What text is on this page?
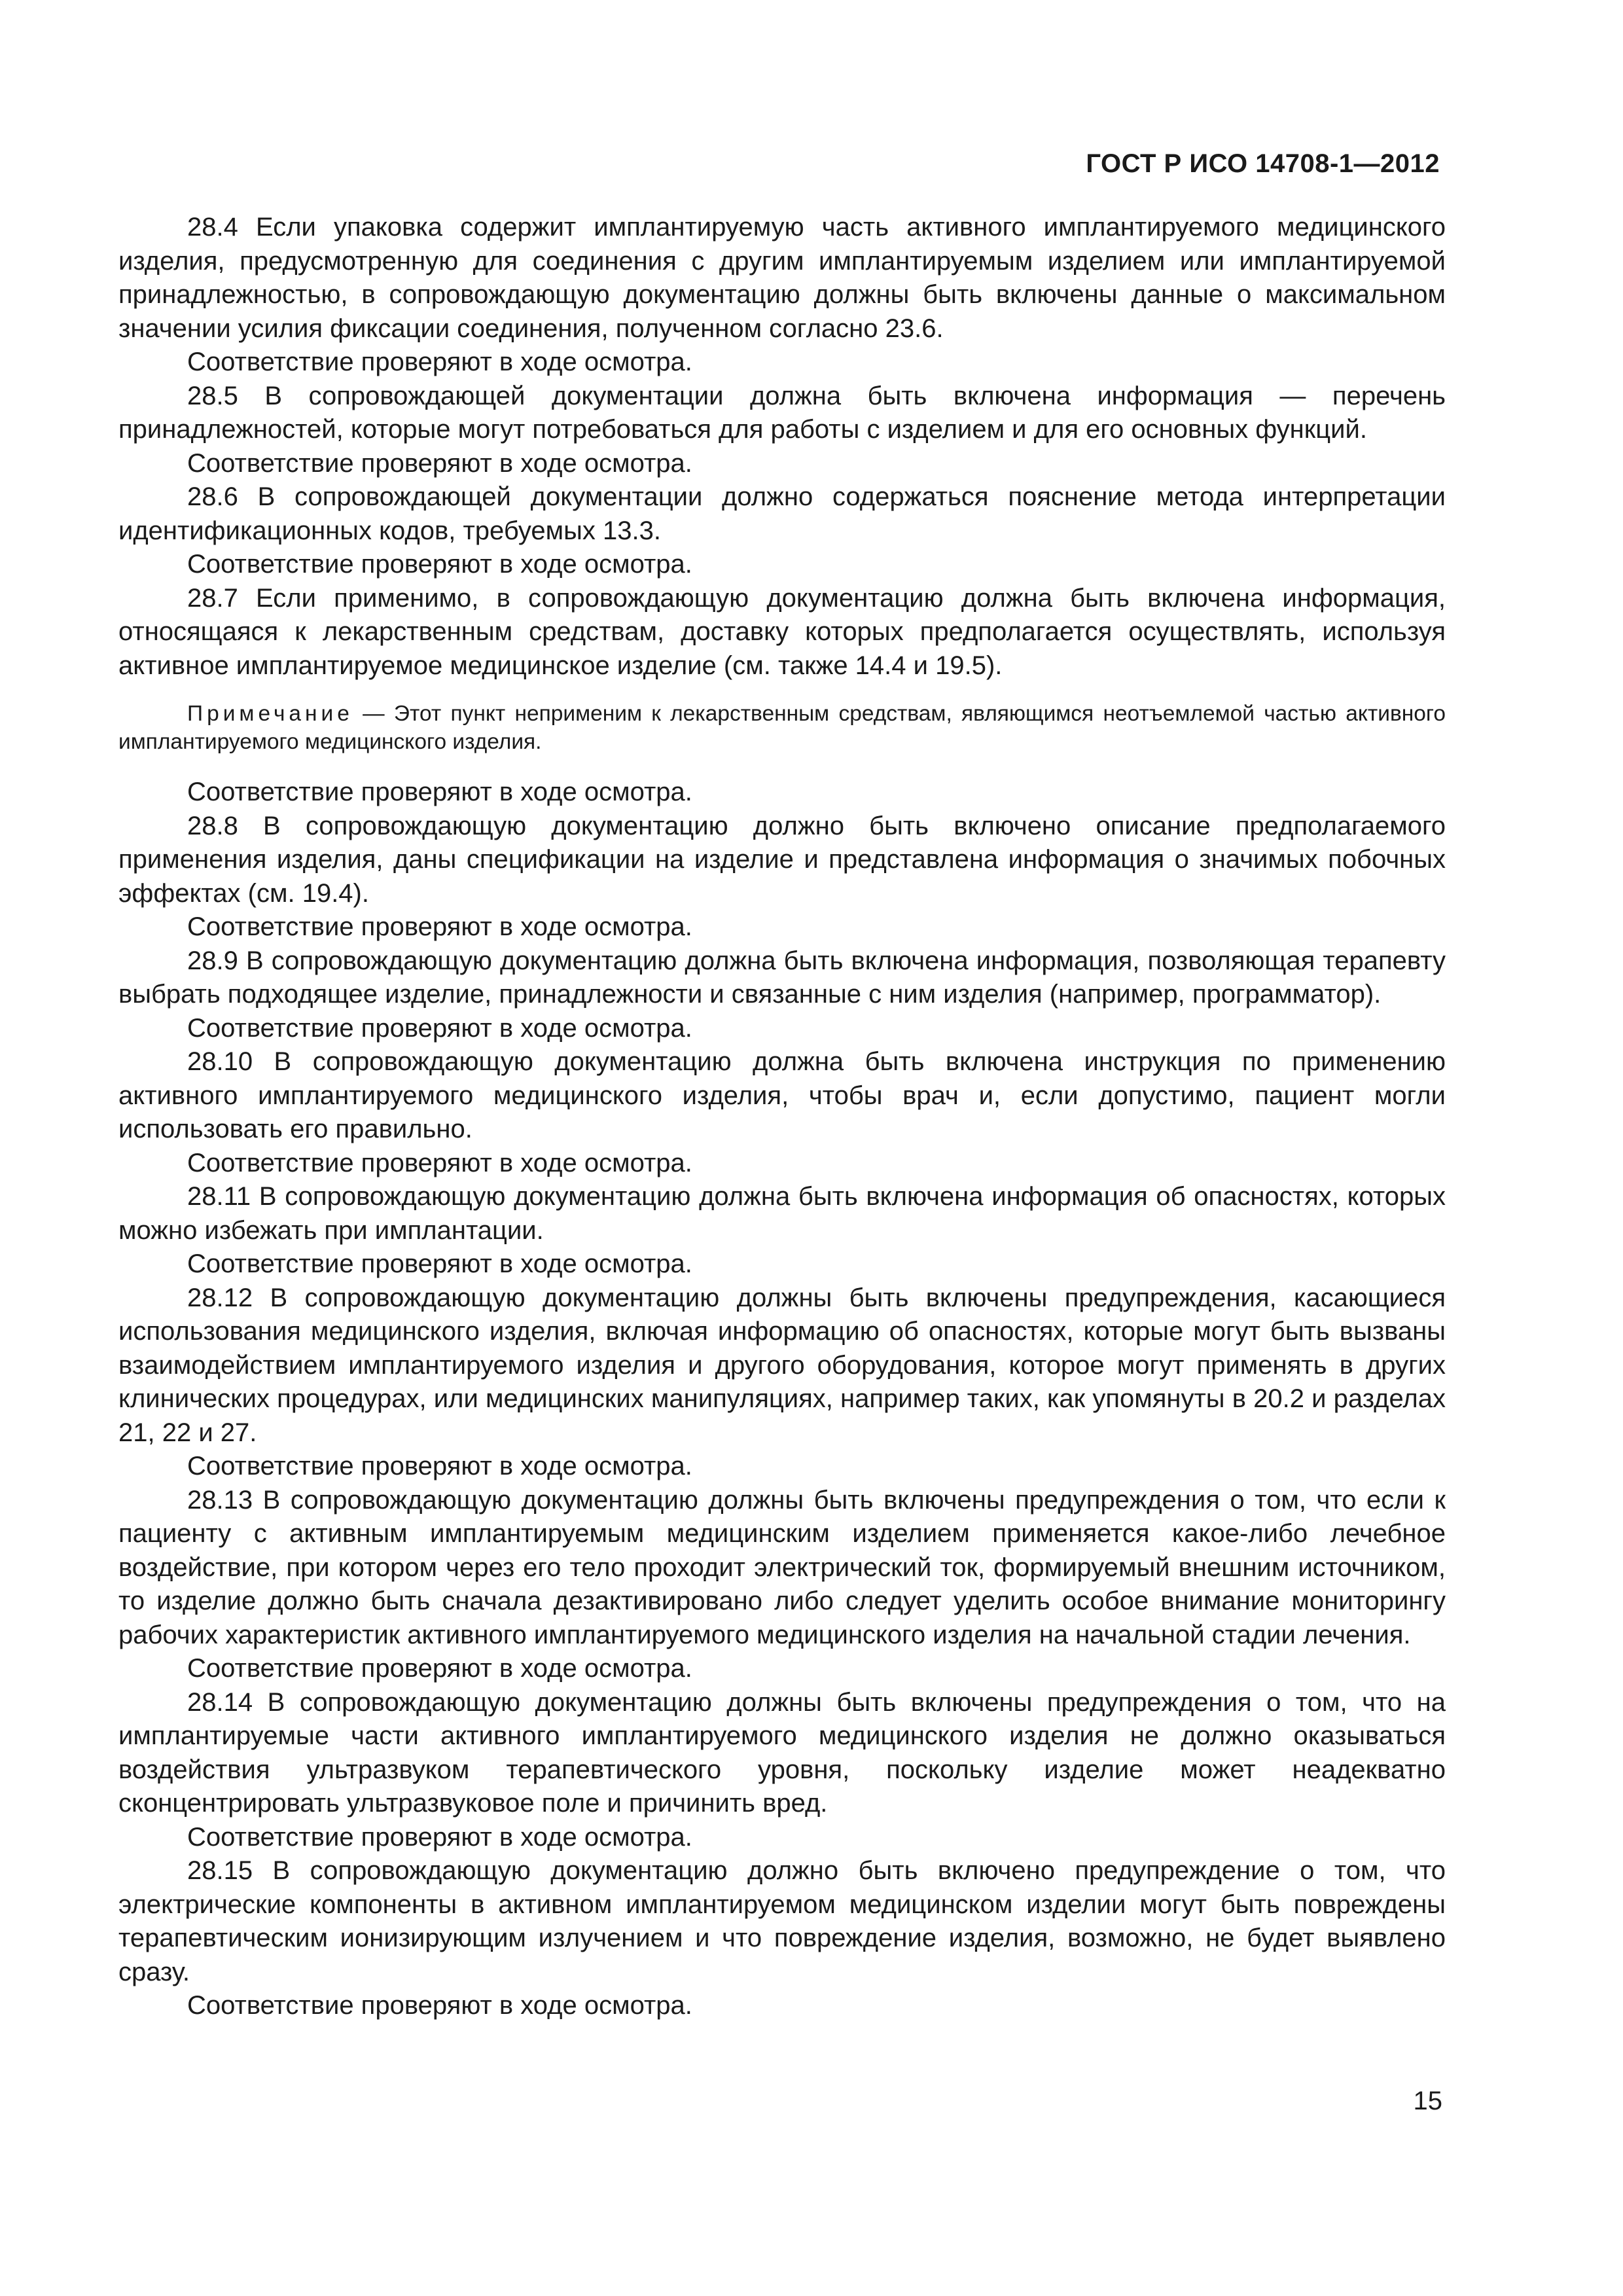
ГОСТ Р ИСО 14708-1—2012

28.4 Если упаковка содержит имплантируемую часть активного имплантируемого медицинского изделия, предусмотренную для соединения с другим имплантируемым изделием или имплантируемой принадлежностью, в сопровождающую документацию должны быть включены данные о максимальном значении усилия фиксации соединения, полученном согласно 23.6.

Соответствие проверяют в ходе осмотра.

28.5 В сопровождающей документации должна быть включена информация — перечень принадлежностей, которые могут потребоваться для работы с изделием и для его основных функций.

Соответствие проверяют в ходе осмотра.

28.6 В сопровождающей документации должно содержаться пояснение метода интерпретации идентификационных кодов, требуемых 13.3.

Соответствие проверяют в ходе осмотра.

28.7 Если применимо, в сопровождающую документацию должна быть включена информация, относящаяся к лекарственным средствам, доставку которых предполагается осуществлять, используя активное имплантируемое медицинское изделие (см. также 14.4 и 19.5).

Примечание — Этот пункт неприменим к лекарственным средствам, являющимся неотъемлемой частью активного имплантируемого медицинского изделия.

Соответствие проверяют в ходе осмотра.

28.8 В сопровождающую документацию должно быть включено описание предполагаемого применения изделия, даны спецификации на изделие и представлена информация о значимых побочных эффектах (см. 19.4).

Соответствие проверяют в ходе осмотра.

28.9 В сопровождающую документацию должна быть включена информация, позволяющая терапевту выбрать подходящее изделие, принадлежности и связанные с ним изделия (например, программатор).

Соответствие проверяют в ходе осмотра.

28.10 В сопровождающую документацию должна быть включена инструкция по применению активного имплантируемого медицинского изделия, чтобы врач и, если допустимо, пациент могли использовать его правильно.

Соответствие проверяют в ходе осмотра.

28.11 В сопровождающую документацию должна быть включена информация об опасностях, которых можно избежать при имплантации.

Соответствие проверяют в ходе осмотра.

28.12 В сопровождающую документацию должны быть включены предупреждения, касающиеся использования медицинского изделия, включая информацию об опасностях, которые могут быть вызваны взаимодействием имплантируемого изделия и другого оборудования, которое могут применять в других клинических процедурах, или медицинских манипуляциях, например таких, как упомянуты в 20.2 и разделах 21, 22 и 27.

Соответствие проверяют в ходе осмотра.

28.13 В сопровождающую документацию должны быть включены предупреждения о том, что если к пациенту с активным имплантируемым медицинским изделием применяется какое-либо лечебное воздействие, при котором через его тело проходит электрический ток, формируемый внешним источником, то изделие должно быть сначала дезактивировано либо следует уделить особое внимание мониторингу рабочих характеристик активного имплантируемого медицинского изделия на начальной стадии лечения.

Соответствие проверяют в ходе осмотра.

28.14 В сопровождающую документацию должны быть включены предупреждения о том, что на имплантируемые части активного имплантируемого медицинского изделия не должно оказываться воздействия ультразвуком терапевтического уровня, поскольку изделие может неадекватно сконцентрировать ультразвуковое поле и причинить вред.

Соответствие проверяют в ходе осмотра.

28.15 В сопровождающую документацию должно быть включено предупреждение о том, что электрические компоненты в активном имплантируемом медицинском изделии могут быть повреждены терапевтическим ионизирующим излучением и что повреждение изделия, возможно, не будет выявлено сразу.

Соответствие проверяют в ходе осмотра.

15
